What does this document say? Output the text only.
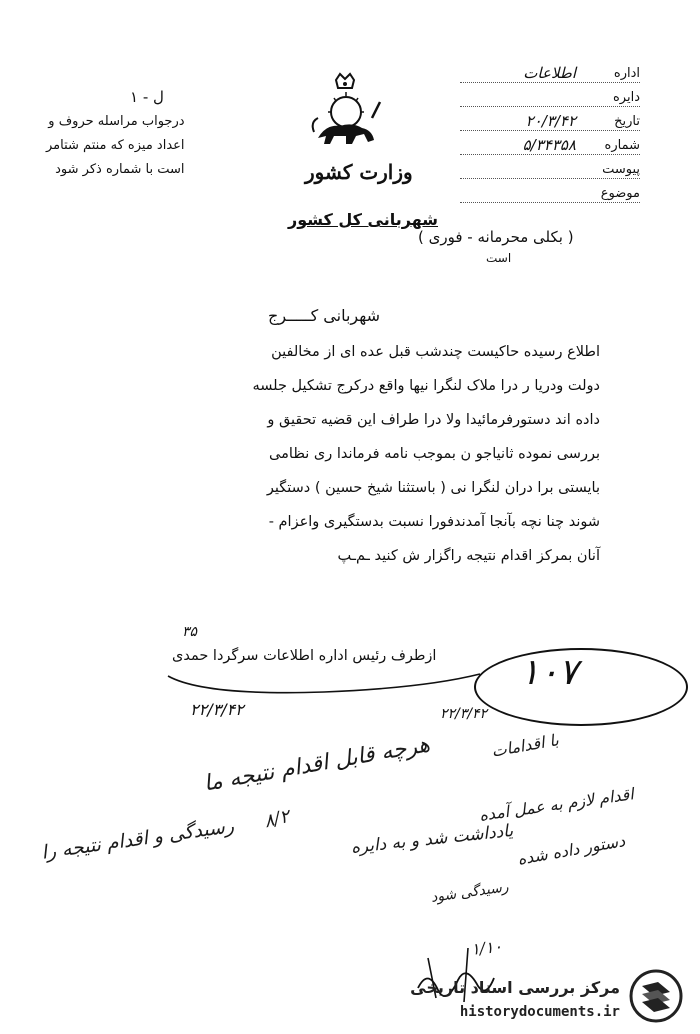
ل - ۱
درجواب مراسله حروف و
اعداد میزه که منتم شتامر
است با شماره ذکر شود	وزارت کشور
شهربانی کل کشور
( بکلی محرمانه - فوری )
است
اداره
اطلاعات
دایره
تاریخ
۲۰/۳/۴۲
شماره
۵/۳۴۳۵۸
پیوست
موضوع
شهربانی کـــــرج
اطلاع رسیده حاکیست چندشب قبل عده ای از مخالفین
دولت ودریا ر درا ملاک لنگرا نیها واقع درکرج تشکیل جلسه
داده اند دستورفرمائیدا ولا درا طراف این قضیه تحقیق و
بررسی نموده ثانیاجو ن بموجب نامه فرماندا ری نظامی
بایستی برا دران لنگرا نی ( باستثنا شیخ حسین ) دستگیر
شوند چنا نچه بآنجا آمدندفورا نسبت بدستگیری واعزام -
آنان بمرکز اقدام نتیجه راگزار ش کنید ‌ـم‌ـپ
۳۵
ازطرف رئیس اداره اطلاعات سرگردا حمدی
۲۲/۳/۴۲
۱۰۷
۲۲/۳/۴۲
هرچه قابل اقدام نتیجه ما
رسیدگی و اقدام نتیجه را ۸/۲
یادداشت ‌شد و به دایره
با اقدامات
اقدام لازم به عمل آمده
دستور داده شده
رسیدگی ‌شود
۱/۱۰
مرکز بررسی اسناد تاریخی
historydocuments.ir
